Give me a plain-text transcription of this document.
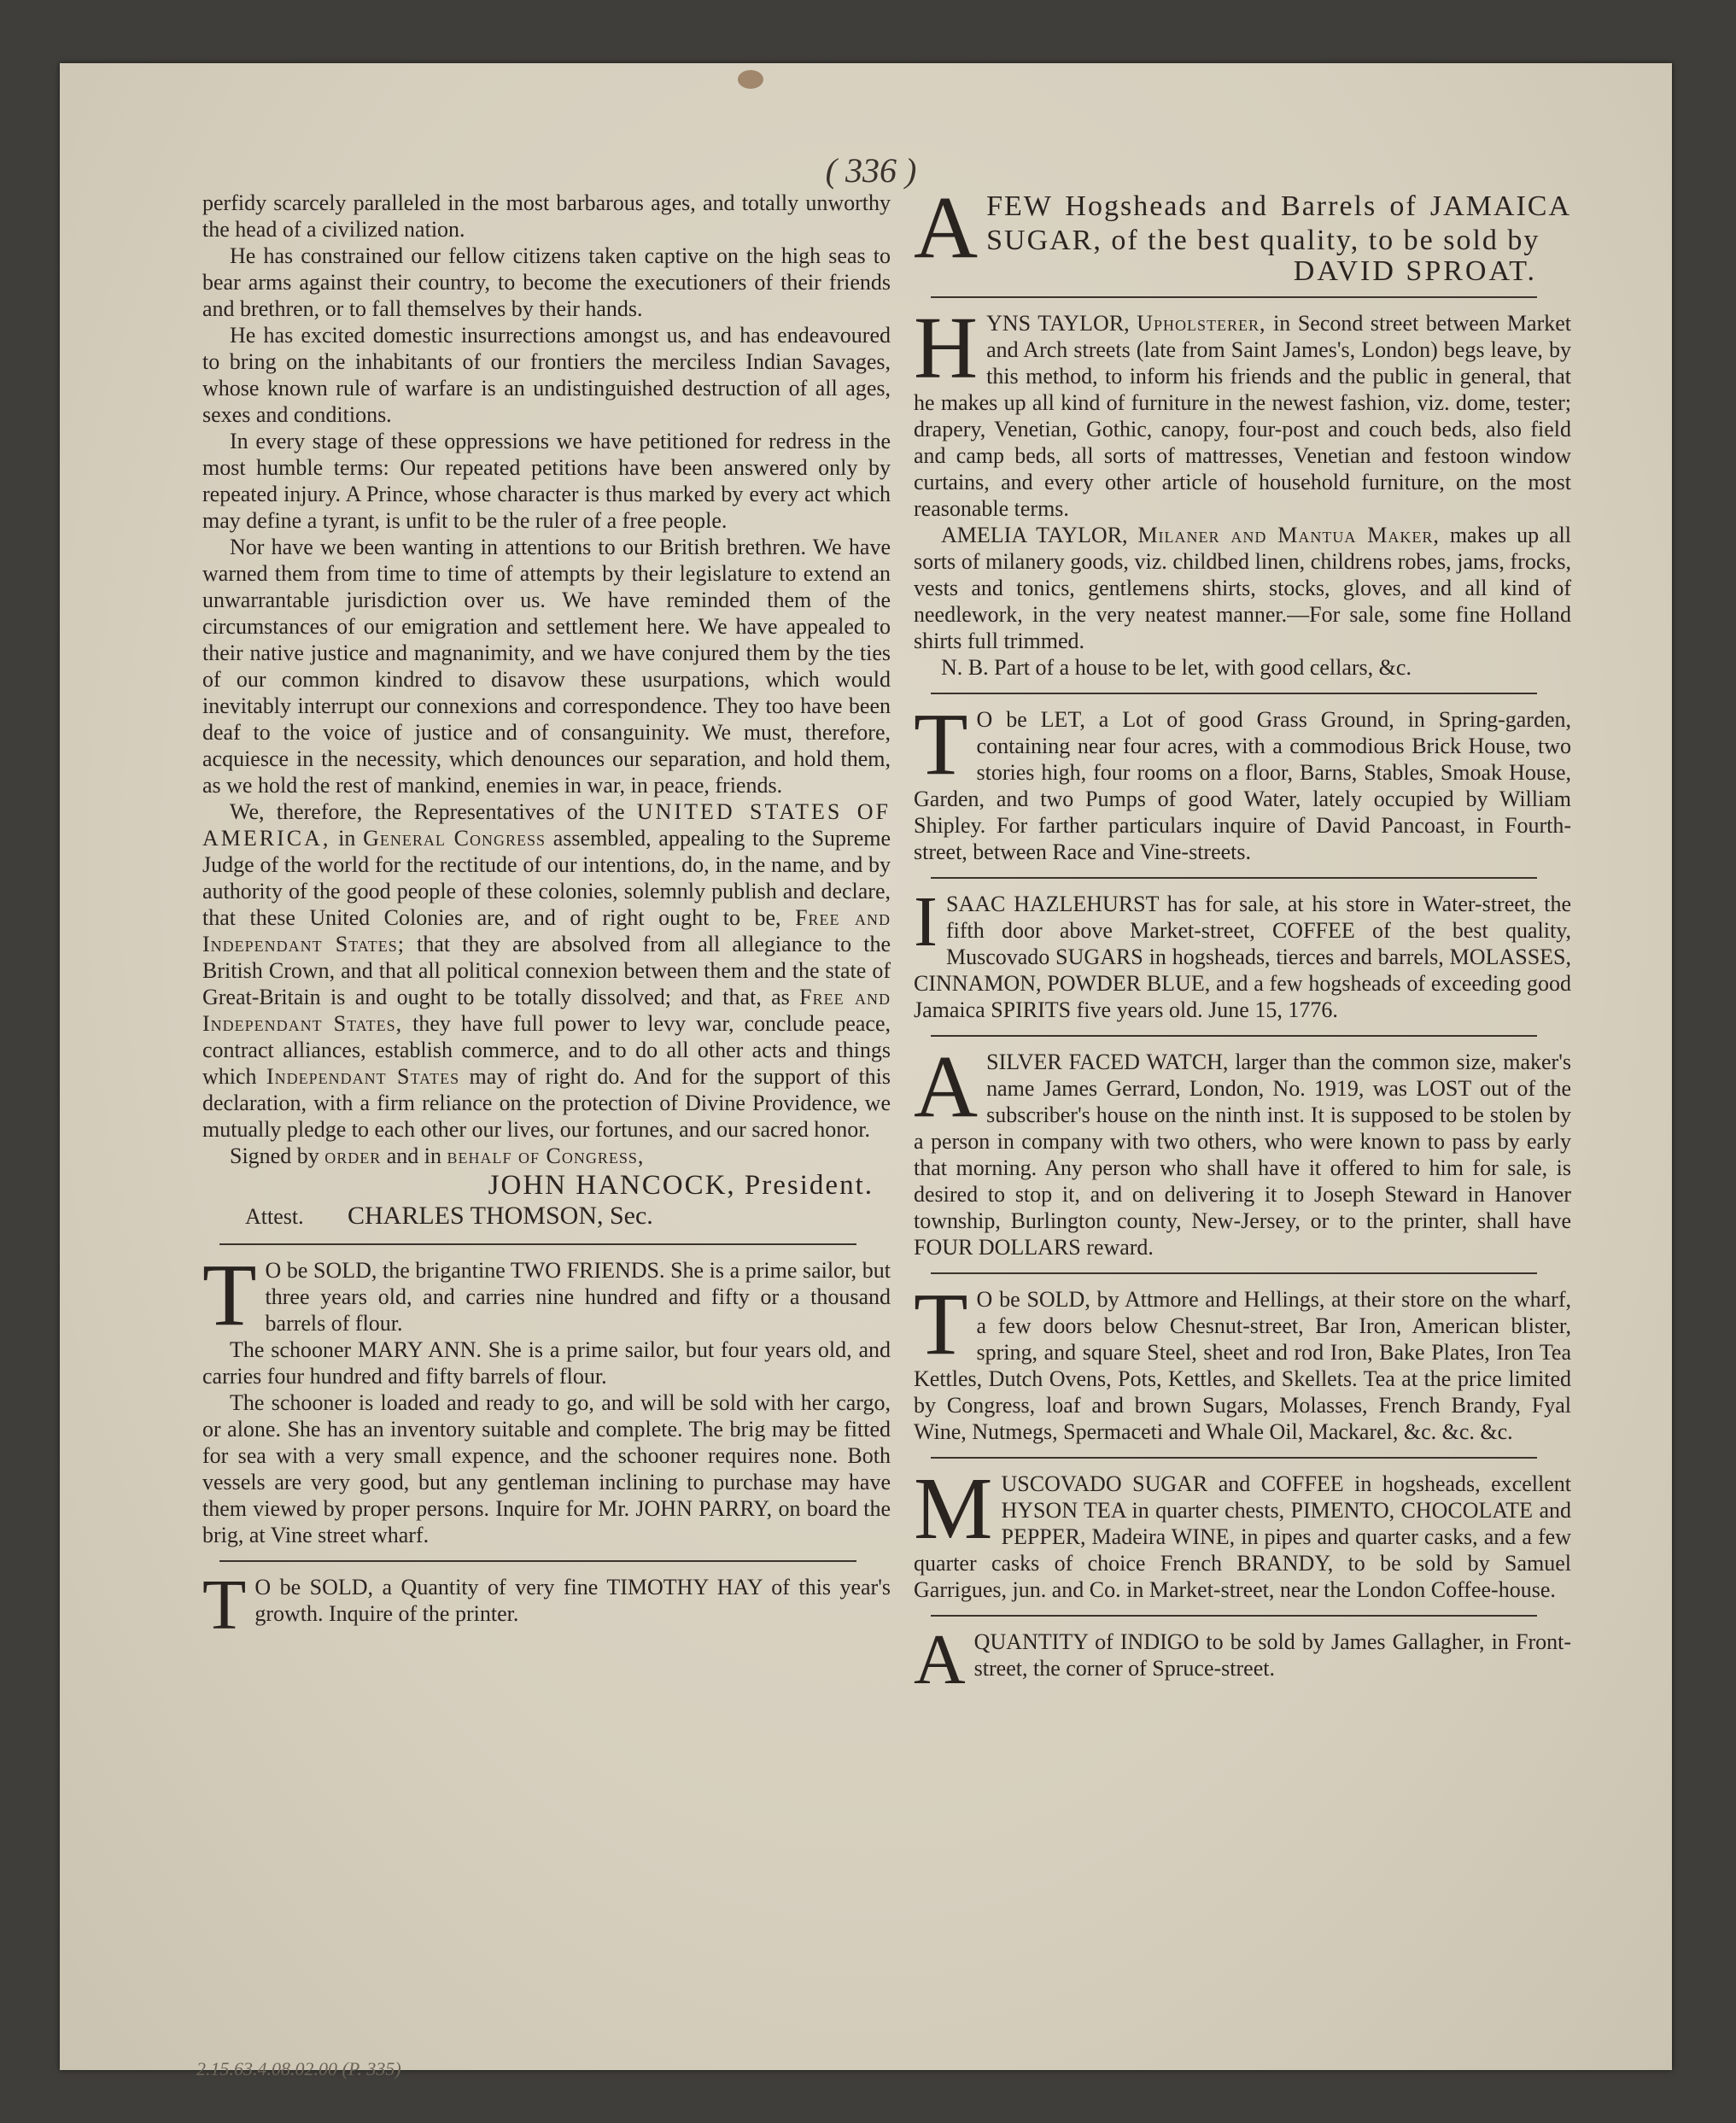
( 336 )

perfidy scarcely paralleled in the most barbarous ages, and totally unworthy the head of a civilized nation.

He has constrained our fellow citizens taken captive on the high seas to bear arms against their country, to become the executioners of their friends and brethren, or to fall themselves by their hands.

He has excited domestic insurrections amongst us, and has endeavoured to bring on the inhabitants of our frontiers the merciless Indian Savages, whose known rule of warfare is an undistinguished destruction of all ages, sexes and conditions.

In every stage of these oppressions we have petitioned for redress in the most humble terms: Our repeated petitions have been answered only by repeated injury. A Prince, whose character is thus marked by every act which may define a tyrant, is unfit to be the ruler of a free people.

Nor have we been wanting in attentions to our British brethren. We have warned them from time to time of attempts by their legislature to extend an unwarrantable jurisdiction over us. We have reminded them of the circumstances of our emigration and settlement here. We have appealed to their native justice and magnanimity, and we have conjured them by the ties of our common kindred to disavow these usurpations, which would inevitably interrupt our connexions and correspondence. They too have been deaf to the voice of justice and of consanguinity. We must, therefore, acquiesce in the necessity, which denounces our separation, and hold them, as we hold the rest of mankind, enemies in war, in peace, friends.

We, therefore, the Representatives of the UNITED STATES OF AMERICA, in General Congress assembled, appealing to the Supreme Judge of the world for the rectitude of our intentions, do, in the name, and by authority of the good people of these colonies, solemnly publish and declare, that these United Colonies are, and of right ought to be, Free and Independant States; that they are absolved from all allegiance to the British Crown, and that all political connexion between them and the state of Great-Britain is and ought to be totally dissolved; and that, as Free and Independant States, they have full power to levy war, conclude peace, contract alliances, establish commerce, and to do all other acts and things which Independant States may of right do. And for the support of this declaration, with a firm reliance on the protection of Divine Providence, we mutually pledge to each other our lives, our fortunes, and our sacred honor.

Signed by order and in behalf of Congress,

JOHN HANCOCK, President.

Attest. CHARLES THOMSON, Sec.

T O be SOLD, the brigantine TWO FRIENDS. She is a prime sailor, but three years old, and carries nine hundred and fifty or a thousand barrels of flour.

The schooner MARY ANN. She is a prime sailor, but four years old, and carries four hundred and fifty barrels of flour.

The schooner is loaded and ready to go, and will be sold with her cargo, or alone. She has an inventory suitable and complete. The brig may be fitted for sea with a very small expence, and the schooner requires none. Both vessels are very good, but any gentleman inclining to purchase may have them viewed by proper persons. Inquire for Mr. JOHN PARRY, on board the brig, at Vine street wharf.

T O be SOLD, a Quantity of very fine TIMOTHY HAY of this year's growth. Inquire of the printer.

A FEW Hogsheads and Barrels of JAMAICA SUGAR, of the best quality, to be sold by

DAVID SPROAT.

H YNS TAYLOR, Upholsterer, in Second street between Market and Arch streets (late from Saint James's, London) begs leave, by this method, to inform his friends and the public in general, that he makes up all kind of furniture in the newest fashion, viz. dome, tester; drapery, Venetian, Gothic, canopy, four-post and couch beds, also field and camp beds, all sorts of mattresses, Venetian and festoon window curtains, and every other article of household furniture, on the most reasonable terms.

AMELIA TAYLOR, Milaner and Mantua Maker, makes up all sorts of milanery goods, viz. childbed linen, childrens robes, jams, frocks, vests and tonics, gentlemens shirts, stocks, gloves, and all kind of needlework, in the very neatest manner.—For sale, some fine Holland shirts full trimmed.

N. B. Part of a house to be let, with good cellars, &c.

T O be LET, a Lot of good Grass Ground, in Spring-garden, containing near four acres, with a commodious Brick House, two stories high, four rooms on a floor, Barns, Stables, Smoak House, Garden, and two Pumps of good Water, lately occupied by William Shipley. For farther particulars inquire of David Pancoast, in Fourth-street, between Race and Vine-streets.

I SAAC HAZLEHURST has for sale, at his store in Water-street, the fifth door above Market-street, COFFEE of the best quality, Muscovado SUGARS in hogsheads, tierces and barrels, MOLASSES, CINNAMON, POWDER BLUE, and a few hogsheads of exceeding good Jamaica SPIRITS five years old. June 15, 1776.

A SILVER FACED WATCH, larger than the common size, maker's name James Gerrard, London, No. 1919, was LOST out of the subscriber's house on the ninth inst. It is supposed to be stolen by a person in company with two others, who were known to pass by early that morning. Any person who shall have it offered to him for sale, is desired to stop it, and on delivering it to Joseph Steward in Hanover township, Burlington county, New-Jersey, or to the printer, shall have FOUR DOLLARS reward.

T O be SOLD, by Attmore and Hellings, at their store on the wharf, a few doors below Chesnut-street, Bar Iron, American blister, spring, and square Steel, sheet and rod Iron, Bake Plates, Iron Tea Kettles, Dutch Ovens, Pots, Kettles, and Skellets. Tea at the price limited by Congress, loaf and brown Sugars, Molasses, French Brandy, Fyal Wine, Nutmegs, Spermaceti and Whale Oil, Mackarel, &c. &c. &c.

M USCOVADO SUGAR and COFFEE in hogsheads, excellent HYSON TEA in quarter chests, PIMENTO, CHOCOLATE and PEPPER, Madeira WINE, in pipes and quarter casks, and a few quarter casks of choice French BRANDY, to be sold by Samuel Garrigues, jun. and Co. in Market-street, near the London Coffee-house.

A QUANTITY of INDIGO to be sold by James Gallagher, in Front-street, the corner of Spruce-street.

2.15.63.4.08.02.00 (P. 335)
